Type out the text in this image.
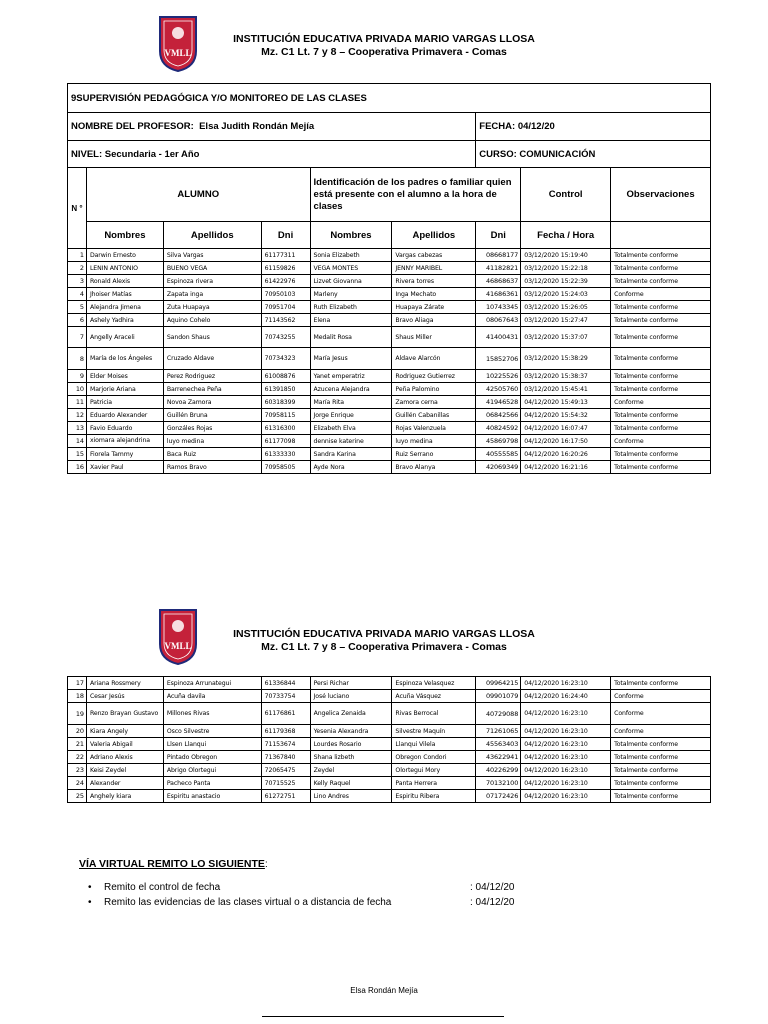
VMLL
INSTITUCIÓN EDUCATIVA PRIVADA MARIO VARGAS LLOSA
Mz. C1 Lt. 7 y 8 – Cooperativa Primavera - Comas
9SUPERVISIÓN PEDAGÓGICA Y/O MONITOREO DE LAS CLASES								
NOMBRE DEL PROFESOR: Elsa Judith Rondán Mejía						FECHA: 04/12/20		
NIVEL: Secundaria - 1er Año						CURSO: COMUNICACIÓN		
N °	ALUMNO			Identificación de los padres o familiar quien está presente con el alumno a la hora de clases			Control	Observaciones
	Nombres	Apellidos	Dni	Nombres	Apellidos	Dni	Fecha / Hora	
1	Darwin Ernesto	Silva Vargas	61177311	Sonia Elizabeth	Vargas cabezas	08668177	03/12/2020 15:19:40	Totalmente conforme
2	LENIN ANTONIO	BUENO VEGA	61159826	VEGA MONTES	JENNY MARIBEL	41182821	03/12/2020 15:22:18	Totalmente conforme
3	Ronald Alexis	Espinoza rivera	61422976	Lizvet Giovanna	Rivera torres	46868637	03/12/2020 15:22:39	Totalmente conforme
4	Jhoiser Matías	Zapata inga	70950103	Marleny	Inga Mechato	41686361	03/12/2020 15:24:03	Conforme
5	Alejandra Jimena	Zuta Huapaya	70951704	Ruth Elizabeth	Huapaya Zárate	10743345	03/12/2020 15:26:05	Totalmente conforme
6	Ashely Yadhira	Aquino Cohelo	71143562	Elena	Bravo Aliaga	08067643	03/12/2020 15:27:47	Totalmente conforme
7	Angelly Araceli	Sandon Shaus	70743255	Medalit Rosa	Shaus Miller	41400431	03/12/2020 15:37:07	Totalmente conforme
8	María de los Ángeles	Cruzado Aldave	70734323	María Jesus	Aldave Alarcón	15852706	03/12/2020 15:38:29	Totalmente conforme
9	Elder Moises	Perez Rodriguez	61008876	Yanet emperatriz	Rodriguez Gutierrez	10225526	03/12/2020 15:38:37	Totalmente conforme
10	Marjorie Ariana	Barrenechea Peña	61391850	Azucena Alejandra	Peña Palomino	42505760	03/12/2020 15:45:41	Totalmente conforme
11	Patricia	Novoa Zamora	60318399	María Rita	Zamora cerna	41946528	04/12/2020 15:49:13	Conforme
12	Eduardo Alexander	Guillén Bruna	70958115	Jorge Enrique	Guillén Cabanillas	06842566	04/12/2020 15:54:32	Totalmente conforme
13	Favio Eduardo	Gonzáles Rojas	61316300	Elizabeth Elva	Rojas Valenzuela	40824592	04/12/2020 16:07:47	Totalmente conforme
14	xiomara alejandrina	luyo medina	61177098	dennise katerine	luyo medina	45869798	04/12/2020 16:17:50	Conforme
15	Fiorela Tammy	Baca Ruiz	61333330	Sandra Karina	Ruiz Serrano	40555585	04/12/2020 16:20:26	Totalmente conforme
16	Xavier Paul	Ramos Bravo	70958505	Ayde Nora	Bravo Alanya	42069349	04/12/2020 16:21:16	Totalmente conforme
VMLL
INSTITUCIÓN EDUCATIVA PRIVADA MARIO VARGAS LLOSA
Mz. C1 Lt. 7 y 8 – Cooperativa Primavera - Comas
17	Ariana Rossmery	Espinoza Arrunategui	61336844	Persi Richar	Espinoza Velasquez	09964215	04/12/2020 16:23:10	Totalmente conforme
18	Cesar Jesús	Acuña davila	70733754	José luciano	Acuña Vásquez	09901079	04/12/2020 16:24:40	Conforme
19	Renzo Brayan Gustavo	Millones Rivas	61176861	Angelica Zenaida	Rivas Berrocal	40729088	04/12/2020 16:23:10	Conforme
20	Kiara Angely	Osco Silvestre	61179368	Yesenia Alexandra	Silvestre Maquín	71261065	04/12/2020 16:23:10	Conforme
21	Valeria Abigail	Llsen Llanqui	71153674	Lourdes Rosario	Llanqui Vilela	45563403	04/12/2020 16:23:10	Totalmente conforme
22	Adriano Alexis	Pintado Obregon	71367840	Shana lizbeth	Obregon Condori	43622941	04/12/2020 16:23:10	Totalmente conforme
23	Keisi Zeydel	Abrigo Olortegui	72065475	Zeydel	Olortegui Mory	40226299	04/12/2020 16:23:10	Totalmente conforme
24	Alexander	Pacheco Panta	70715525	Kelly Raquel	Panta Herrera	70132100	04/12/2020 16:23:10	Totalmente conforme
25	Anghely kiara	Espiritu anastacio	61272751	Lino Andres	Espiritu Ribera	07172426	04/12/2020 16:23:10	Totalmente conforme
VÍA VIRTUAL REMITO LO SIGUIENTE:
• Remito el control de fecha	: 04/12/20
• Remito las evidencias de las clases virtual o a distancia de fecha	: 04/12/20
Elsa Rondán Mejía
